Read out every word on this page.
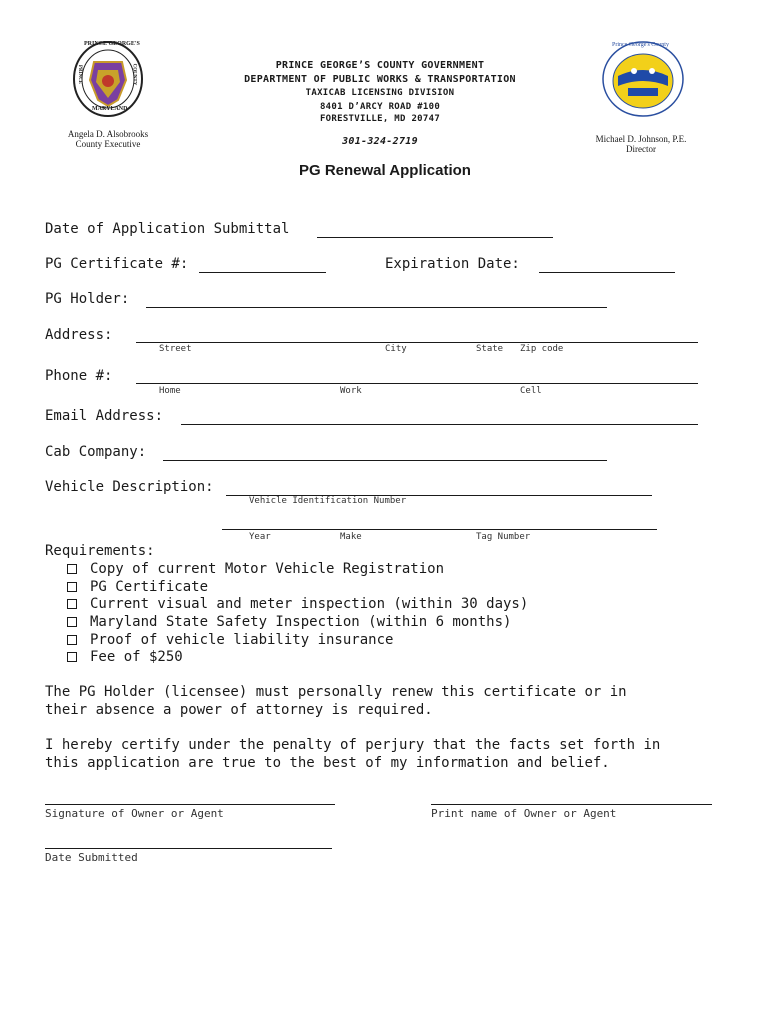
PRINCE GEORGE'S
MARYLAND
PRINCE	COUNTY
Angela D. Alsobrooks
County Executive
Prince George's County
Michael D. Johnson, P.E.
Director
PRINCE GEORGE’S COUNTY GOVERNMENT
DEPARTMENT OF PUBLIC WORKS & TRANSPORTATION
TAXICAB LICENSING DIVISION
8401 D’ARCY ROAD #100
FORESTVILLE, MD 20747
301-324-2719
PG Renewal Application
Date of Application Submittal
PG Certificate #:	Expiration Date:
PG Holder:
Address:
Street	City	State Zip code
Phone #:
Home	Work	Cell
Email Address:
Cab Company:
Vehicle Description:
Vehicle Identification Number
Year	Make	Tag Number
Requirements:
Copy of current Motor Vehicle Registration
PG Certificate
Current visual and meter inspection (within 30 days)
Maryland State Safety Inspection (within 6 months)
Proof of vehicle liability insurance
Fee of $250
The PG Holder (licensee) must personally renew this certificate or in
their absence a power of attorney is required.
I hereby certify under the penalty of perjury that the facts set forth in
this application are true to the best of my information and belief.
Signature of Owner or Agent	Print name of Owner or Agent
Date Submitted
